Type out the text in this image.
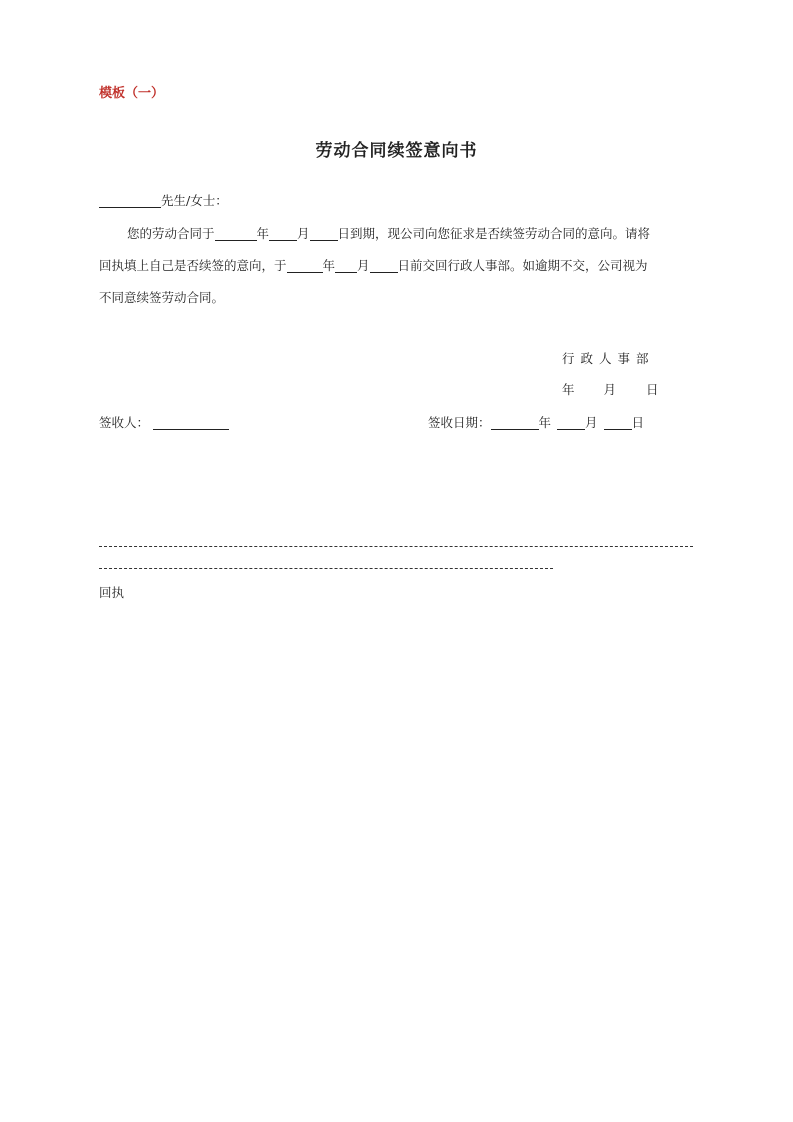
模板（一）
劳动合同续签意向书
先生/女士：
您的劳动合同于	年 月 日到期，现公司向您征求是否续签劳动合同的意向。请将
回执填上自己是否续签的意向，于	年 月 日前交回行政人事部。如逾期不交，公司视为
不同意续签劳动合同。
行政人事部
年 月 日
签收人：	签收日期：	年	月	日
回执
